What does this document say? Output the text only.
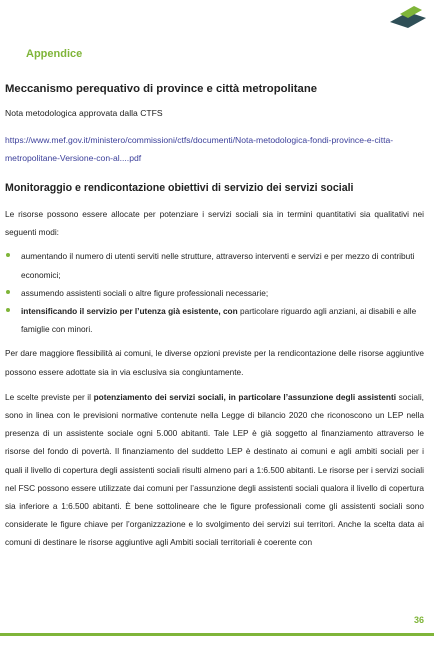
Appendice
Meccanismo perequativo di province e città metropolitane
Nota metodologica approvata dalla CTFS
https://www.mef.gov.it/ministero/commissioni/ctfs/documenti/Nota-metodologica-fondi-province-e-citta-metropolitane-Versione-con-al....pdf
Monitoraggio e rendicontazione obiettivi di servizio dei servizi sociali

Le risorse possono essere allocate per potenziare i servizi sociali sia in termini quantitativi sia qualitativi nei seguenti modi:

aumentando il numero di utenti serviti nelle strutture, attraverso interventi e servizi e per mezzo di contributi economici;
assumendo assistenti sociali o altre figure professionali necessarie;
intensificando il servizio per l’utenza già esistente, con particolare riguardo agli anziani, ai disabili e alle famiglie con minori.

Per dare maggiore flessibilità ai comuni, le diverse opzioni previste per la rendicontazione delle risorse aggiuntive possono essere adottate sia in via esclusiva sia congiuntamente.

Le scelte previste per il potenziamento dei servizi sociali, in particolare l’assunzione degli assistenti sociali, sono in linea con le previsioni normative contenute nella Legge di bilancio 2020 che riconoscono un LEP nella presenza di un assistente sociale ogni 5.000 abitanti. Tale LEP è già soggetto al finanziamento attraverso le risorse del fondo di povertà. Il finanziamento del suddetto LEP è destinato ai comuni e agli ambiti sociali per i quali il livello di copertura degli assistenti sociali risulti almeno pari a 1:6.500 abitanti. Le risorse per i servizi sociali nel FSC possono essere utilizzate dai comuni per l’assunzione degli assistenti sociali qualora il livello di copertura sia inferiore a 1:6.500 abitanti. È bene sottolineare che le figure professionali come gli assistenti sociali sono considerate le figure chiave per l’organizzazione e lo svolgimento dei servizi sui territori. Anche la scelta data ai comuni di destinare le risorse aggiuntive agli Ambiti sociali territoriali è coerente con

36
